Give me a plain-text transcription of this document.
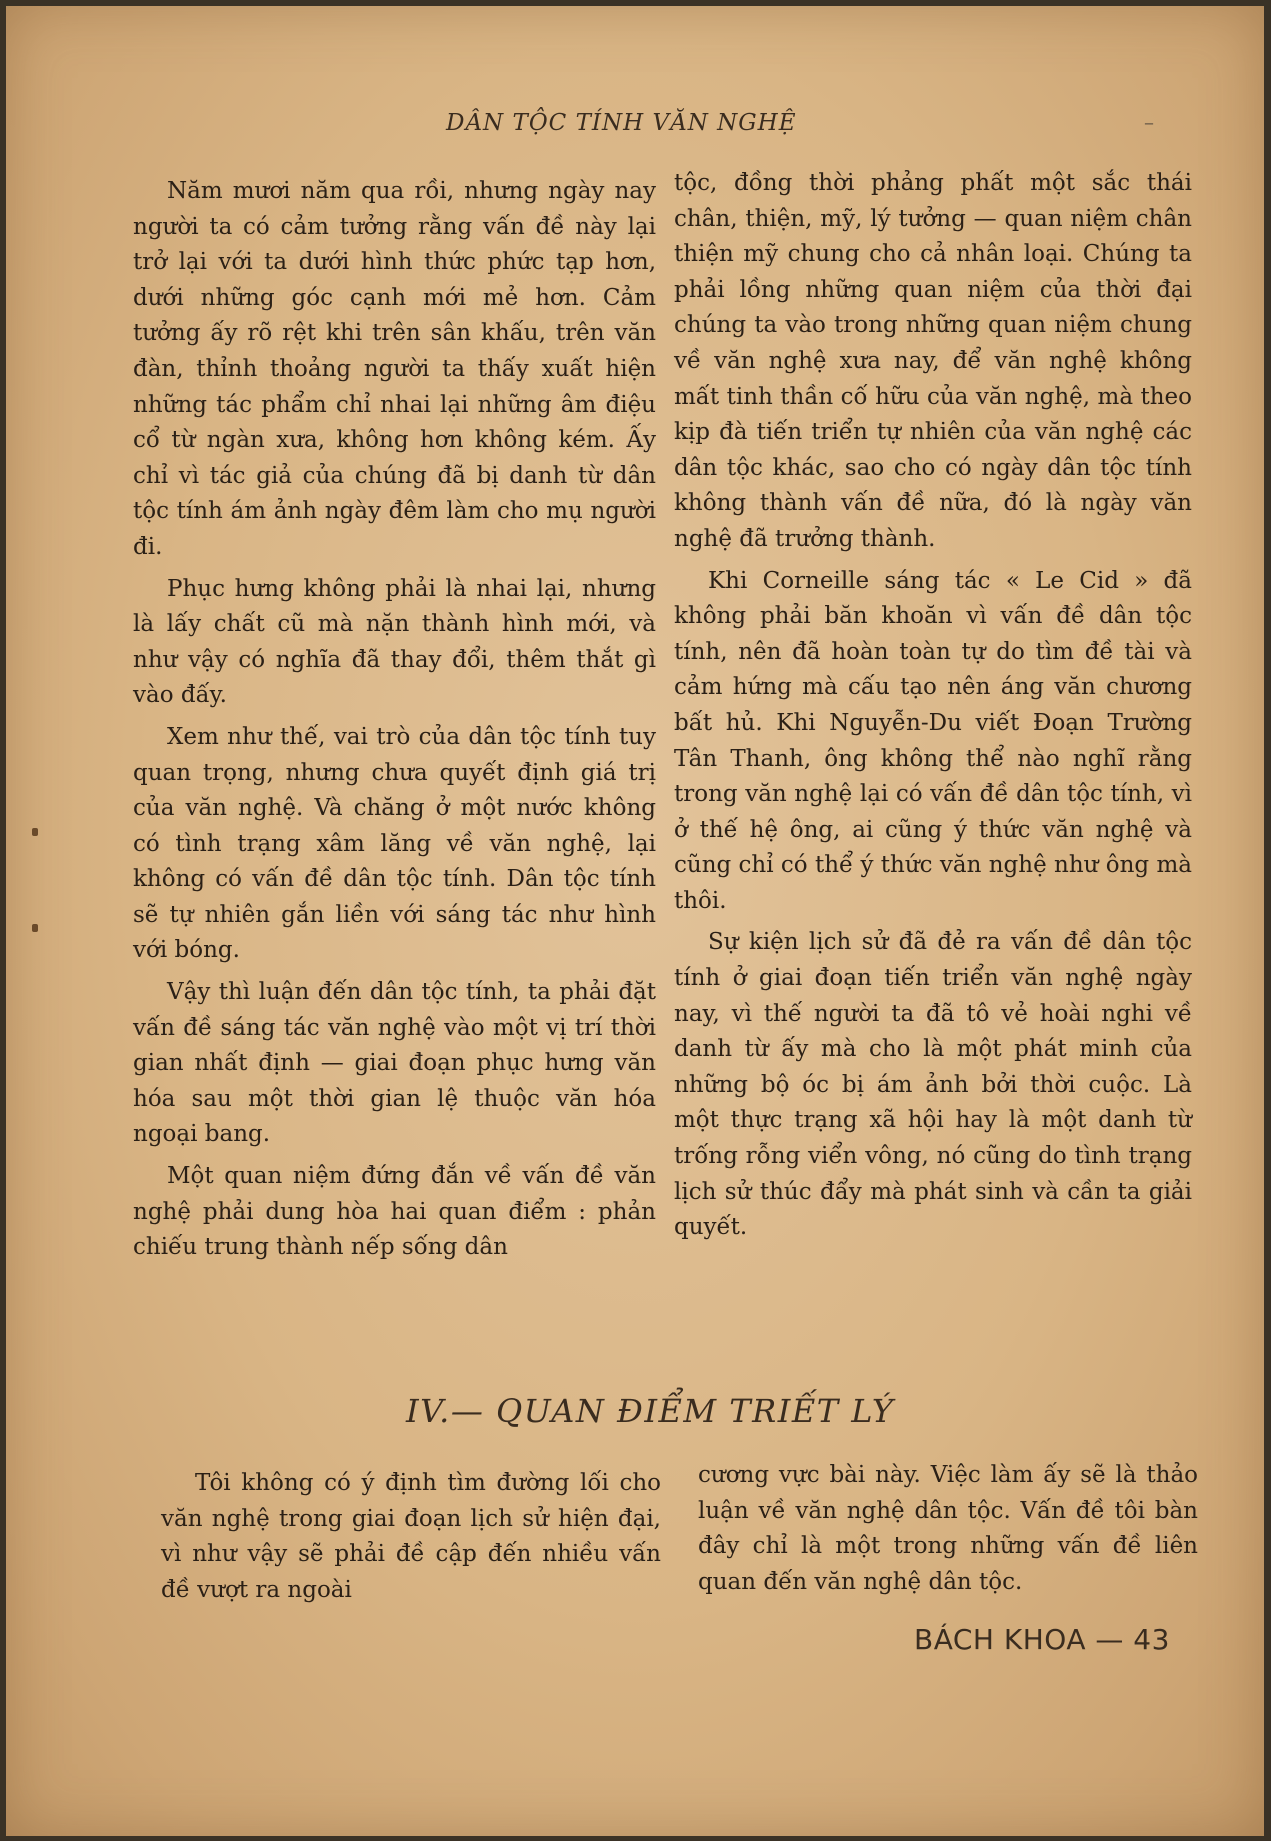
DÂN TỘC TÍNH VĂN NGHỆ	–

Năm mươi năm qua rồi, nhưng ngày nay người ta có cảm tưởng rằng vấn đề này lại trở lại với ta dưới hình thức phức tạp hơn, dưới những góc cạnh mới mẻ hơn. Cảm tưởng ấy rõ rệt khi trên sân khấu, trên văn đàn, thỉnh thoảng người ta thấy xuất hiện những tác phẩm chỉ nhai lại những âm điệu cổ từ ngàn xưa, không hơn không kém. Ấy chỉ vì tác giả của chúng đã bị danh từ dân tộc tính ám ảnh ngày đêm làm cho mụ người đi.

Phục hưng không phải là nhai lại, nhưng là lấy chất cũ mà nặn thành hình mới, và như vậy có nghĩa đã thay đổi, thêm thắt gì vào đấy.

Xem như thế, vai trò của dân tộc tính tuy quan trọng, nhưng chưa quyết định giá trị của văn nghệ. Và chăng ở một nước không có tình trạng xâm lăng về văn nghệ, lại không có vấn đề dân tộc tính. Dân tộc tính sẽ tự nhiên gắn liền với sáng tác như hình với bóng.

Vậy thì luận đến dân tộc tính, ta phải đặt vấn đề sáng tác văn nghệ vào một vị trí thời gian nhất định — giai đoạn phục hưng văn hóa sau một thời gian lệ thuộc văn hóa ngoại bang.

Một quan niệm đứng đắn về vấn đề văn nghệ phải dung hòa hai quan điểm : phản chiếu trung thành nếp sống dân

tộc, đồng thời phảng phất một sắc thái chân, thiện, mỹ, lý tưởng — quan niệm chân thiện mỹ chung cho cả nhân loại. Chúng ta phải lồng những quan niệm của thời đại chúng ta vào trong những quan niệm chung về văn nghệ xưa nay, để văn nghệ không mất tinh thần cố hữu của văn nghệ, mà theo kịp đà tiến triển tự nhiên của văn nghệ các dân tộc khác, sao cho có ngày dân tộc tính không thành vấn đề nữa, đó là ngày văn nghệ đã trưởng thành.

Khi Corneille sáng tác « Le Cid » đã không phải băn khoăn vì vấn đề dân tộc tính, nên đã hoàn toàn tự do tìm đề tài và cảm hứng mà cấu tạo nên áng văn chương bất hủ. Khi Nguyễn-Du viết Đoạn Trường Tân Thanh, ông không thể nào nghĩ rằng trong văn nghệ lại có vấn đề dân tộc tính, vì ở thế hệ ông, ai cũng ý thức văn nghệ và cũng chỉ có thể ý thức văn nghệ như ông mà thôi.

Sự kiện lịch sử đã đẻ ra vấn đề dân tộc tính ở giai đoạn tiến triển văn nghệ ngày nay, vì thế người ta đã tô vẻ hoài nghi về danh từ ấy mà cho là một phát minh của những bộ óc bị ám ảnh bởi thời cuộc. Là một thực trạng xã hội hay là một danh từ trống rỗng viển vông, nó cũng do tình trạng lịch sử thúc đẩy mà phát sinh và cần ta giải quyết.

IV.— QUAN ĐIỂM TRIẾT LÝ

Tôi không có ý định tìm đường lối cho văn nghệ trong giai đoạn lịch sử hiện đại, vì như vậy sẽ phải đề cập đến nhiều vấn đề vượt ra ngoài

cương vực bài này. Việc làm ấy sẽ là thảo luận về văn nghệ dân tộc. Vấn đề tôi bàn đây chỉ là một trong những vấn đề liên quan đến văn nghệ dân tộc.

BÁCH KHOA — 43
